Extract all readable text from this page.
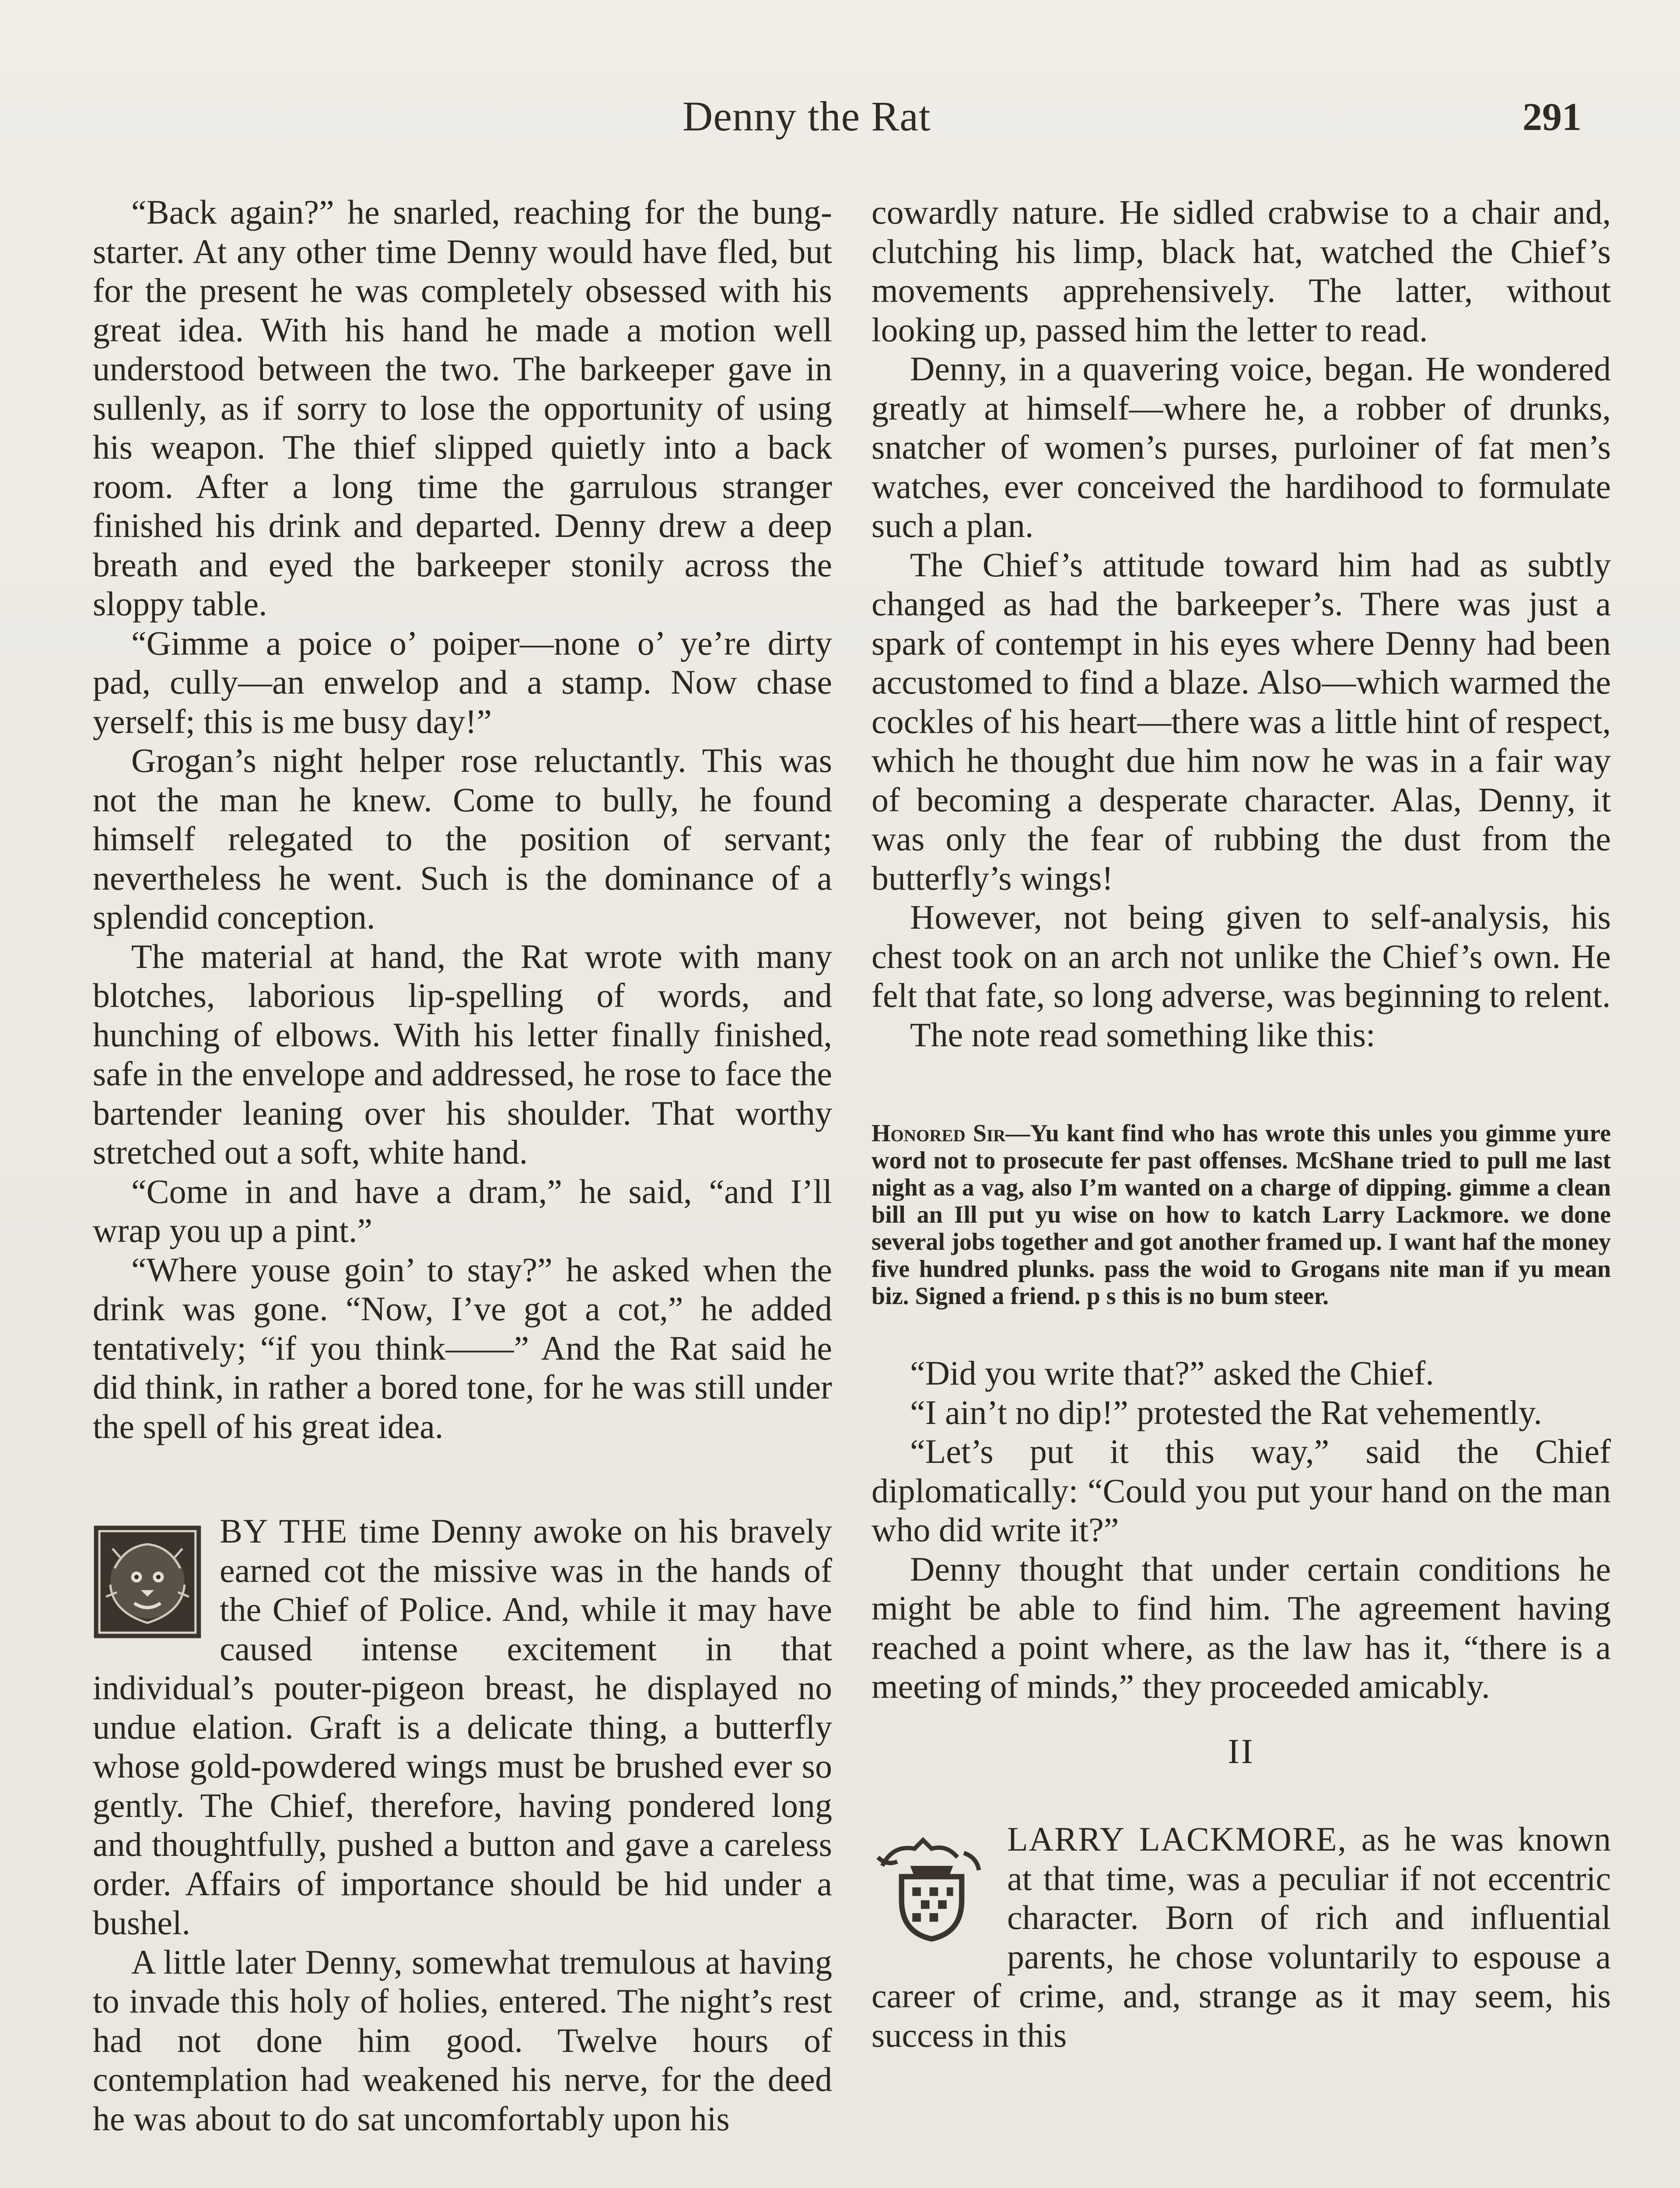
Denny the Rat	291

“Back again?” he snarled, reaching for the bung-starter. At any other time Denny would have fled, but for the present he was completely obsessed with his great idea. With his hand he made a motion well understood between the two. The barkeeper gave in sullenly, as if sorry to lose the opportunity of using his weapon. The thief slipped quietly into a back room. After a long time the garrulous stranger finished his drink and departed. Denny drew a deep breath and eyed the barkeeper stonily across the sloppy table.

“Gimme a poice o’ poiper—none o’ ye’re dirty pad, cully—an enwelop and a stamp. Now chase yerself; this is me busy day!”

Grogan’s night helper rose reluctantly. This was not the man he knew. Come to bully, he found himself relegated to the position of servant; nevertheless he went. Such is the dominance of a splendid conception.

The material at hand, the Rat wrote with many blotches, laborious lip-spelling of words, and hunching of elbows. With his letter finally finished, safe in the envelope and addressed, he rose to face the bartender leaning over his shoulder. That worthy stretched out a soft, white hand.

“Come in and have a dram,” he said, “and I’ll wrap you up a pint.”

“Where youse goin’ to stay?” he asked when the drink was gone. “Now, I’ve got a cot,” he added tentatively; “if you think——” And the Rat said he did think, in rather a bored tone, for he was still under the spell of his great idea.

BY THE time Denny awoke on his bravely earned cot the missive was in the hands of the Chief of Police. And, while it may have caused intense excitement in that individual’s pouter-pigeon breast, he displayed no undue elation. Graft is a delicate thing, a butterfly whose gold-powdered wings must be brushed ever so gently. The Chief, therefore, having pondered long and thoughtfully, pushed a button and gave a careless order. Affairs of importance should be hid under a bushel.

A little later Denny, somewhat tremulous at having to invade this holy of holies, entered. The night’s rest had not done him good. Twelve hours of contemplation had weakened his nerve, for the deed he was about to do sat uncomfortably upon his

cowardly nature. He sidled crabwise to a chair and, clutching his limp, black hat, watched the Chief’s movements apprehensively. The latter, without looking up, passed him the letter to read.

Denny, in a quavering voice, began. He wondered greatly at himself—where he, a robber of drunks, snatcher of women’s purses, purloiner of fat men’s watches, ever conceived the hardihood to formulate such a plan.

The Chief’s attitude toward him had as subtly changed as had the barkeeper’s. There was just a spark of contempt in his eyes where Denny had been accustomed to find a blaze. Also—which warmed the cockles of his heart—there was a little hint of respect, which he thought due him now he was in a fair way of becoming a desperate character. Alas, Denny, it was only the fear of rubbing the dust from the butterfly’s wings!

However, not being given to self-analysis, his chest took on an arch not unlike the Chief’s own. He felt that fate, so long adverse, was beginning to relent.

The note read something like this:

Honored Sir—Yu kant find who has wrote this unles you gimme yure word not to prosecute fer past offenses. McShane tried to pull me last night as a vag, also I’m wanted on a charge of dipping. gimme a clean bill an Ill put yu wise on how to katch Larry Lackmore. we done several jobs together and got another framed up. I want haf the money five hundred plunks. pass the woid to Grogans nite man if yu mean biz. Signed a friend. p s this is no bum steer.

“Did you write that?” asked the Chief.

“I ain’t no dip!” protested the Rat vehemently.

“Let’s put it this way,” said the Chief diplomatically: “Could you put your hand on the man who did write it?”

Denny thought that under certain conditions he might be able to find him. The agreement having reached a point where, as the law has it, “there is a meeting of minds,” they proceeded amicably.

II

LARRY LACKMORE, as he was known at that time, was a peculiar if not eccentric character. Born of rich and influential parents, he chose voluntarily to espouse a career of crime, and, strange as it may seem, his success in this
